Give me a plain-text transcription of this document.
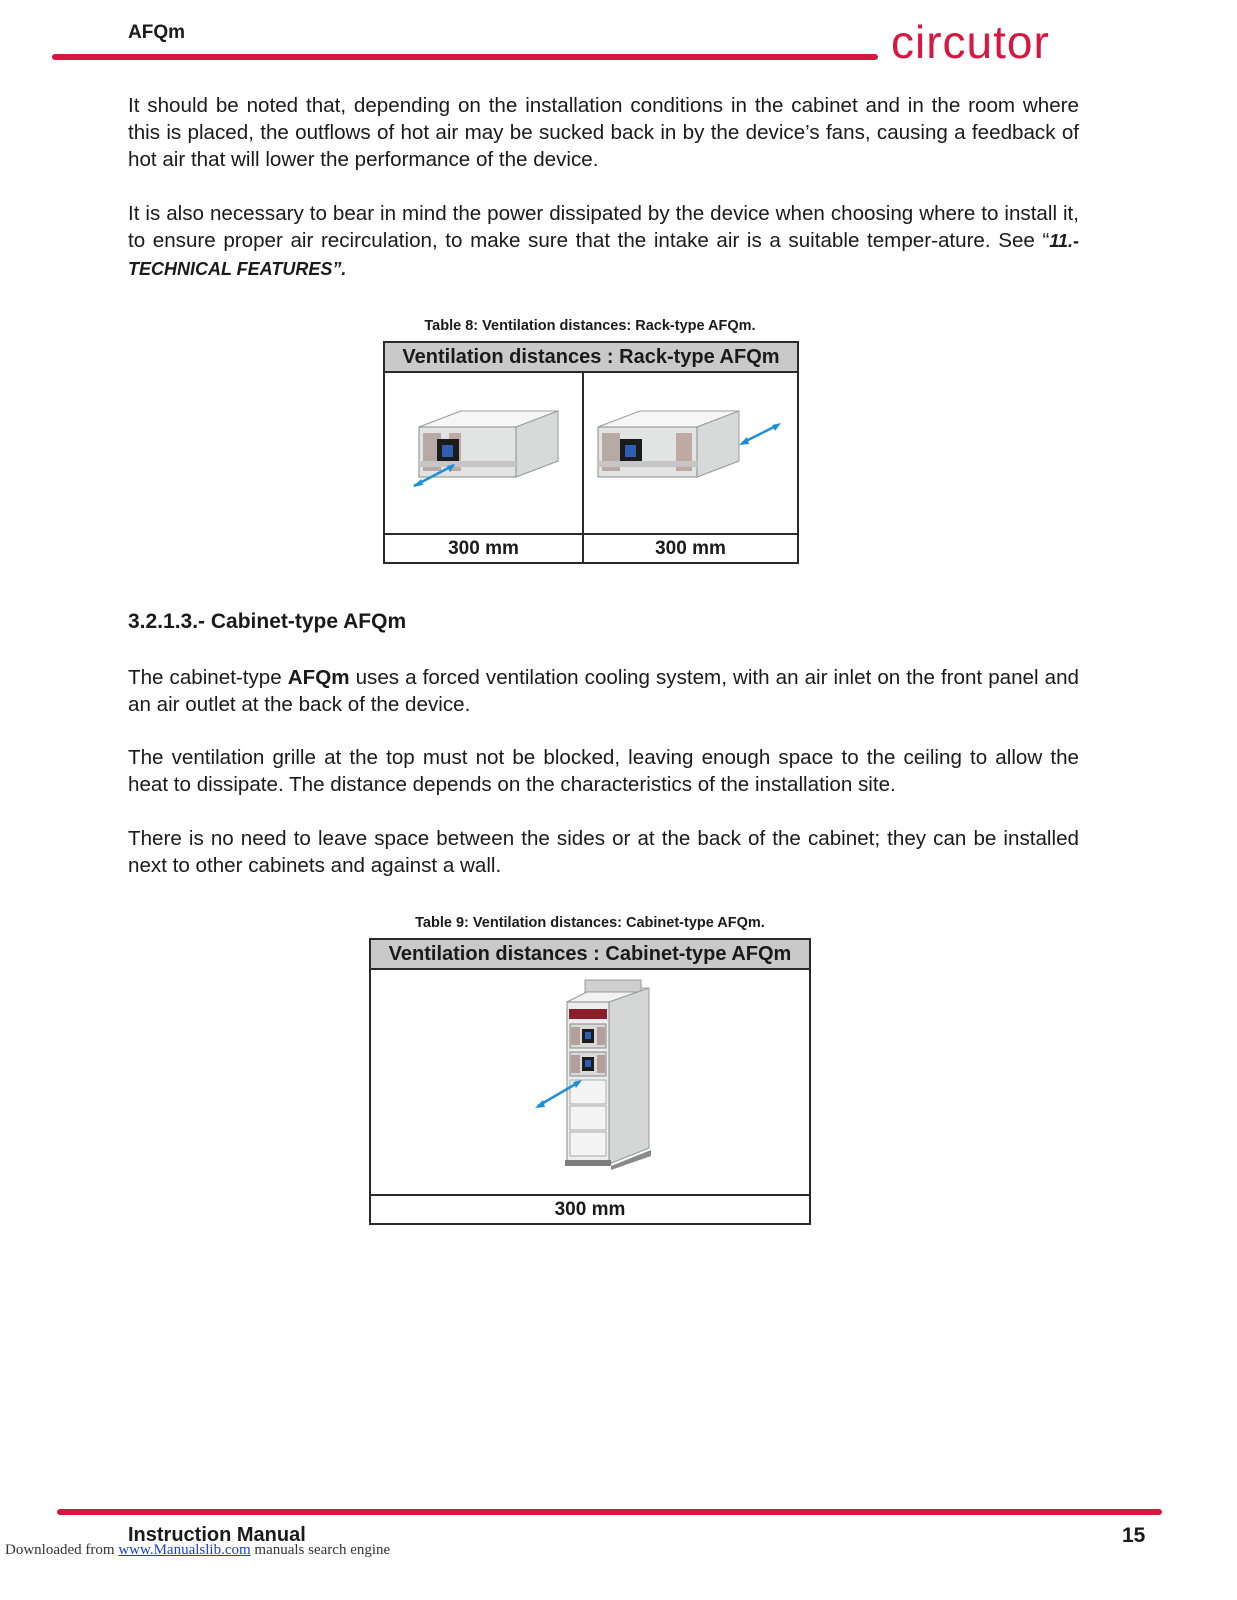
AFQm	circutor

It should be noted that, depending on the installation conditions in the cabinet and in the room where this is placed, the outflows of hot air may be sucked back in by the device’s fans, causing a feedback of hot air that will lower the performance of the device.

It is also necessary to bear in mind the power dissipated by the device when choosing where to install it, to ensure proper air recirculation, to make sure that the intake air is a suitable temper-ature. See “11.- TECHNICAL FEATURES”.

Table 8: Ventilation distances: Rack-type AFQm.
Ventilation distances : Rack-type AFQm	

300 mm	300 mm
3.2.1.3.- Cabinet-type AFQm

The cabinet-type AFQm uses a forced ventilation cooling system, with an air inlet on the front panel and an air outlet at the back of the device.

The ventilation grille at the top must not be blocked, leaving enough space to the ceiling to allow the heat to dissipate. The distance depends on the characteristics of the installation site.

There is no need to leave space between the sides or at the back of the cabinet; they can be installed next to other cabinets and against a wall.

Table 9: Ventilation distances: Cabinet-type AFQm.
Ventilation distances : Cabinet-type AFQm

300 mm
Instruction Manual	15
Downloaded from www.Manualslib.com manuals search engine
